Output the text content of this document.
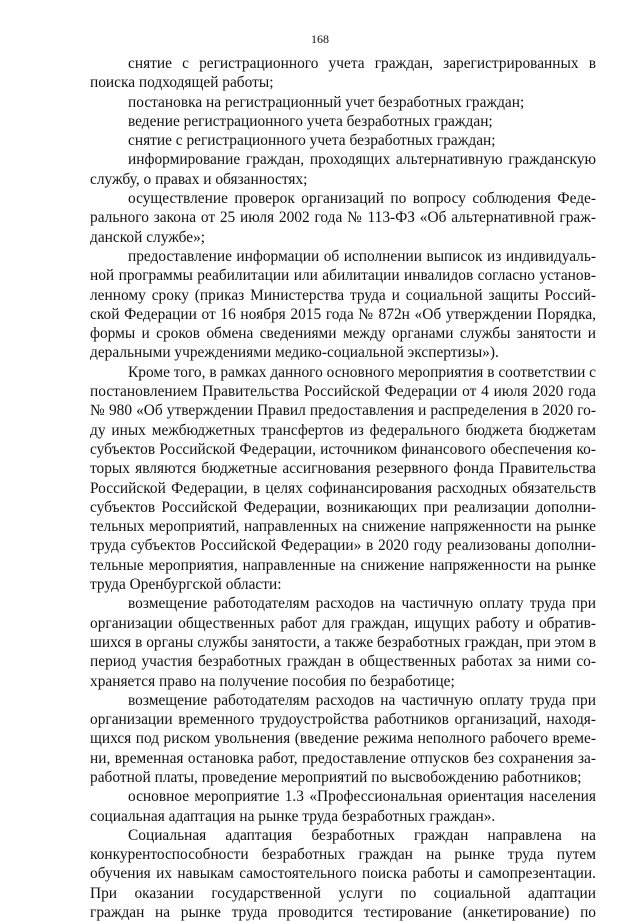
168
снятие с регистрационного учета граждан, зарегистрированных в
поиска подходящей работы;
постановка на регистрационный учет безработных граждан;
ведение регистрационного учета безработных граждан;
снятие с регистрационного учета безработных граждан;
информирование граждан, проходящих альтернативную гражданскую
службу, о правах и обязанностях;
осуществление проверок организаций по вопросу соблюдения Феде-
рального закона от 25 июля 2002 года № 113-ФЗ «Об альтернативной граж-
данской службе»;
предоставление информации об исполнении выписок из индивидуаль-
ной программы реабилитации или абилитации инвалидов согласно установ-
ленному сроку (приказ Министерства труда и социальной защиты Россий-
ской Федерации от 16 ноября 2015 года № 872н «Об утверждении Порядка,
формы и сроков обмена сведениями между органами службы занятости и
деральными учреждениями медико-социальной экспертизы»).
Кроме того, в рамках данного основного мероприятия в соответствии с
постановлением Правительства Российской Федерации от 4 июля 2020 года
№ 980 «Об утверждении Правил предоставления и распределения в 2020 го-
ду иных межбюджетных трансфертов из федерального бюджета бюджетам
субъектов Российской Федерации, источником финансового обеспечения ко-
торых являются бюджетные ассигнования резервного фонда Правительства
Российской Федерации, в целях софинансирования расходных обязательств
субъектов Российской Федерации, возникающих при реализации дополни-
тельных мероприятий, направленных на снижение напряженности на рынке
труда субъектов Российской Федерации» в 2020 году реализованы дополни-
тельные мероприятия, направленные на снижение напряженности на рынке
труда Оренбургской области:
возмещение работодателям расходов на частичную оплату труда при
организации общественных работ для граждан, ищущих работу и обратив-
шихся в органы службы занятости, а также безработных граждан, при этом в
период участия безработных граждан в общественных работах за ними со-
храняется право на получение пособия по безработице;
возмещение работодателям расходов на частичную оплату труда при
организации временного трудоустройства работников организаций, находя-
щихся под риском увольнения (введение режима неполного рабочего време-
ни, временная остановка работ, предоставление отпусков без сохранения за-
работной платы, проведение мероприятий по высвобождению работников;
основное мероприятие 1.3 «Профессиональная ориентация населения
социальная адаптация на рынке труда безработных граждан».
Социальная адаптация безработных граждан направлена на
конкурентоспособности безработных граждан на рынке труда путем
обучения их навыкам самостоятельного поиска работы и самопрезентации.
При оказании государственной услуги по социальной адаптации
граждан на рынке труда проводится тестирование (анкетирование) по
